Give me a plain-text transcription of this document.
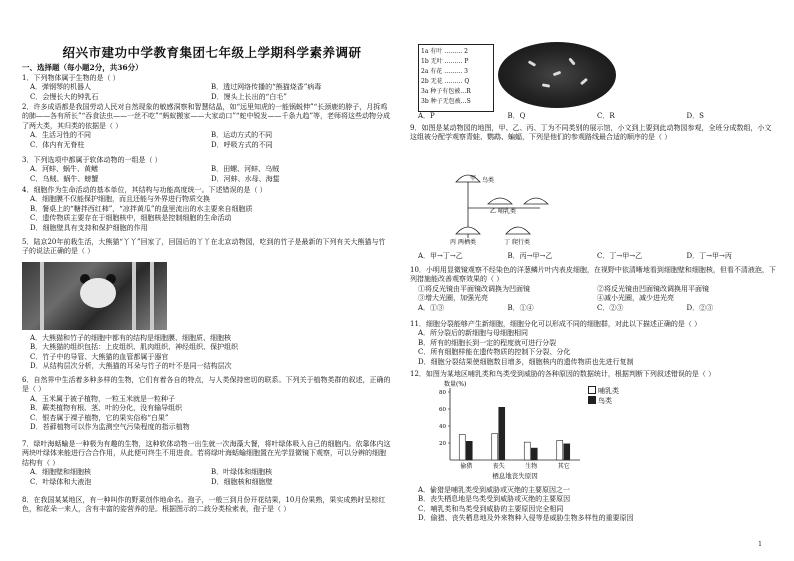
绍兴市建功中学教育集团七年级上学期科学素养调研
一、选择题（每小题2分，共36分）

1．下列物体属于生物的是（ ）

A．弹钢琴的机器人	B．透过网络传播的“熊猫烧香”病毒
C．会慢长大的钟乳石	D．馒头上长出的“白毛”

2．许多成语都是我国劳动人民对自然现象的敏感洞察和智慧结晶，如“远里知虎的一能锅蜕伸”“长颈鹿的脖子，月拆鸡的肺——各有所长”“吞食法虫——一丝不吃”“蚂蚁搬家——大家动口”“蛇中锐发——千条九趋”等，老师将这些动物分成了两大类，其归类的依据是（ ）

A．生活习性的不同	B．运动方式的不同
C．体内有无脊柱	D．呼吸方式的不同

3．下列选项中都属于软体动物的一组是（ ）

A．河蚌、蜗牛、黄鳝	B．田螺、河蚌、乌贼
C．乌贼、蜗牛、螃蟹	D．河蚌、水母、海蜇

4．细胞作为生命活动的基本单位，其结构与功能高度统一。下述错误的是（ ）

A．细胞膜不仅能保护细胞，而且还能与外界进行物质交换

B．餐桌上的“糖拌西红柿”，“凉拌黄瓜”的盘里流出的水主要来自细胞质

C．遗传物质主要存在于细胞核中，细胞核是控制细胞的生命活动

D．细胞壁具有支持和保护细胞的作用

5．陆京20年前栽生活，大熊猫“丫丫”回家了，回国后的丫丫在北京动物园，吃到的竹子是最新的下列有关大熊猫与竹子的说法正确的是（ ）

A．大熊猫和竹子的细胞中都有的结构是细胞膜、细胞质、细胞核

B．大熊猫的组织包括：上皮组织、肌肉组织、神经组织、保护组织

C．竹子中的导管、大熊猫的血管都属于器官

D．从结构层次分析，大熊猫的耳朵与竹子的叶不是同一结构层次

6．自然界中生活着多种多样的生物，它们有着各自的特点，与人类保持密切的联系。下列关于植物类群的叙述，正确的是（ ）

A．玉米属于被子植物，一粒玉米就是一粒种子

B．蕨类植物有根、茎、叶的分化，没有输导组织

C．银杏属于裸子植物，它的果实俗称“白果”

D．苔藓植物可以作为监测空气污染程度的指示植物

7．绿叶海蛞蝓是一种极为有趣的生物，这种软体动物一出生就一次海藻大餐，将叶绿体吸入自己的细胞内。依靠体内这两块叶绿体来能进行合合作用，从此便可终生不用进食。若将绿叶海蛞蝓细胞置在光学显微镜下观察，可以分辨的细胞结构有（ ）

A．细胞壁和细胞核	B．叶绿体和细胞核
C．叶绿体和大液泡	D．细胞核和细胞壁

8．在我国某某地区，有一种叫作的野菜创作地命名。孢子，一般三到月份开花结果，10月份果熟，果实成熟时呈棕红色，和花朵一来人，含有丰富的姿营养的是。根据图示的二歧分类检索表，孢子是（ ）

1a 有叶 ……… 2
1b 无叶 ……… P
2a 有花 ……… 3
2b 无花 ……… Q
3a 种子有包被…R
3b 种子无包被…S
A．P	B．Q	C．R	D．S

9．如图是某动物园的地图，甲、乙、丙、丁为不同类别的展示馆，小文到上要到此动物园参观，全班分成数组，小文这组被分配学观察青蛙、鹦鹉、蝙蝠，下列是他们的参观路线最合适的顺序的是（ ）

甲 鸟类
乙 哺乳类
丙 两栖类	丁 爬行类
A．甲→丁→乙	B．丙→甲→乙	C．丁→甲→乙	D．丁→甲→丙

10．小明用显微镜观察不经染色的洋葱鳞片叶内表皮细胞，在视野中依清晰地看到细胞壁和细胞核，但看不清液泡，下列措施能改善观察效果的（ ）

①将反光镜由平面镜改调换为凹面镜	②将反光镜由凹面镜改调换用平面镜
③增大光圈，加强光亮	④减小光圈，减少进光亮
A．①③	B．①④	C．②③	D．②③

11．细胞分裂能够产生新细胞，细胞分化可以形成不同的细胞群，对此以下描述正确的是（ ）

A．所分裂后的新细胞与母细胞相同

B．所有的细胞长到一定的程度就可进行分裂

C．所有细胞样能在遗传物质的控制下分裂、分化

D．细胞分裂结果使细胞数目增多，细胞核内的遗传物质也先进行复制

12．如图为某地区哺乳类和鸟类受到威胁的各种原因的数据统计，根据判断下列叙述错误的是（ ）

20
40
60
80
数量(%)
偷猎	丧失	生物	其它
栖息地丧失原因
哺乳类
鸟类

A．偷猎是哺乳类受到威胁或灭绝的主要原因之一

B．丧失栖息地是鸟类受到威胁或灭绝的主要原因

C．哺乳类和鸟类受到威胁的主要原因完全相同

D．偷猎、丧失栖息地及外来物种入侵等是威胁生物多样性的重要原因

1
